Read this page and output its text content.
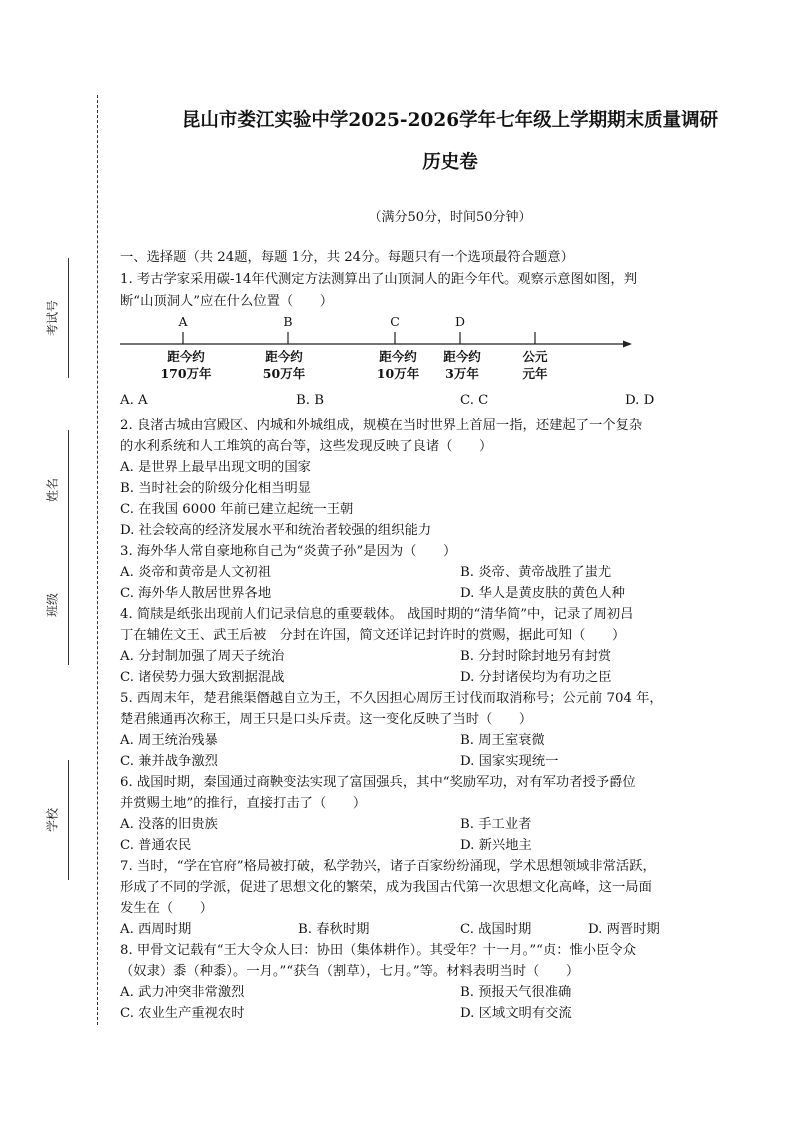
考试号
姓名
班级
学校
昆山市娄江实验中学2025-2026学年七年级上学期期末质量调研
历史卷
（满分50分，时间50分钟）
一、选择题（共 24题，每题 1分，共 24分。每题只有一个选项最符合题意）
1. 考古学家采用碳-14年代测定方法测算出了山顶洞人的距今年代。观察示意图如图，判
断“山顶洞人”应在什么位置（　　）
A	B	C	D
距今约
170万年
距今约
50万年
距今约
10万年
距今约
3万年
公元
元年
A. A	B. B	C. C	D. D
2. 良渚古城由宫殿区、内城和外城组成，规模在当时世界上首屈一指，还建起了一个复杂
的水利系统和人工堆筑的高台等，这些发现反映了良诸（　　）
A. 是世界上最早出现文明的国家
B. 当时社会的阶级分化相当明显
C. 在我国 6000 年前已建立起统一王朝
D. 社会较高的经济发展水平和统治者较强的组织能力
3. 海外华人常自豪地称自己为“炎黄子孙”是因为（　　）
A. 炎帝和黄帝是人文初祖	B. 炎帝、黄帝战胜了蚩尤
C. 海外华人散居世界各地	D. 华人是黄皮肤的黄色人种
4. 简牍是纸张出现前人们记录信息的重要载体。 战国时期的“清华简”中，记录了周初吕
丁在辅佐文王、武王后被　分封在许国，简文还详记封许时的赏赐，据此可知（　　）
A. 分封制加强了周天子统治	B. 分封时除封地另有封赏
C. 诸侯势力强大致割据混战	D. 分封诸侯均为有功之臣
5. 西周末年，楚君熊渠僭越自立为王，不久因担心周厉王讨伐而取消称号；公元前 704 年，
楚君熊通再次称王，周王只是口头斥责。这一变化反映了当时（　　）
A. 周王统治残暴	B. 周王室衰微
C. 兼并战争激烈	D. 国家实现统一
6. 战国时期，秦国通过商鞅变法实现了富国强兵，其中“奖励军功，对有军功者授予爵位
并赏赐土地”的推行，直接打击了（　　）
A. 没落的旧贵族	B. 手工业者
C. 普通农民	D. 新兴地主
7. 当时，“学在官府”格局被打破，私学勃兴，诸子百家纷纷涌现，学术思想领域非常活跃，
形成了不同的学派，促进了思想文化的繁荣，成为我国古代第一次思想文化高峰，这一局面
发生在（　　）
A. 西周时期	B. 春秋时期	C. 战国时期	D. 两晋时期
8. 甲骨文记载有“王大令众人曰：协田（集体耕作）。其受年？十一月。”“贞：惟小臣令众
（奴隶）黍（种黍）。一月。”“获刍（割草），七月。”等。材料表明当时（　　）
A. 武力冲突非常激烈	B. 预报天气很准确
C. 农业生产重视农时	D. 区域文明有交流
